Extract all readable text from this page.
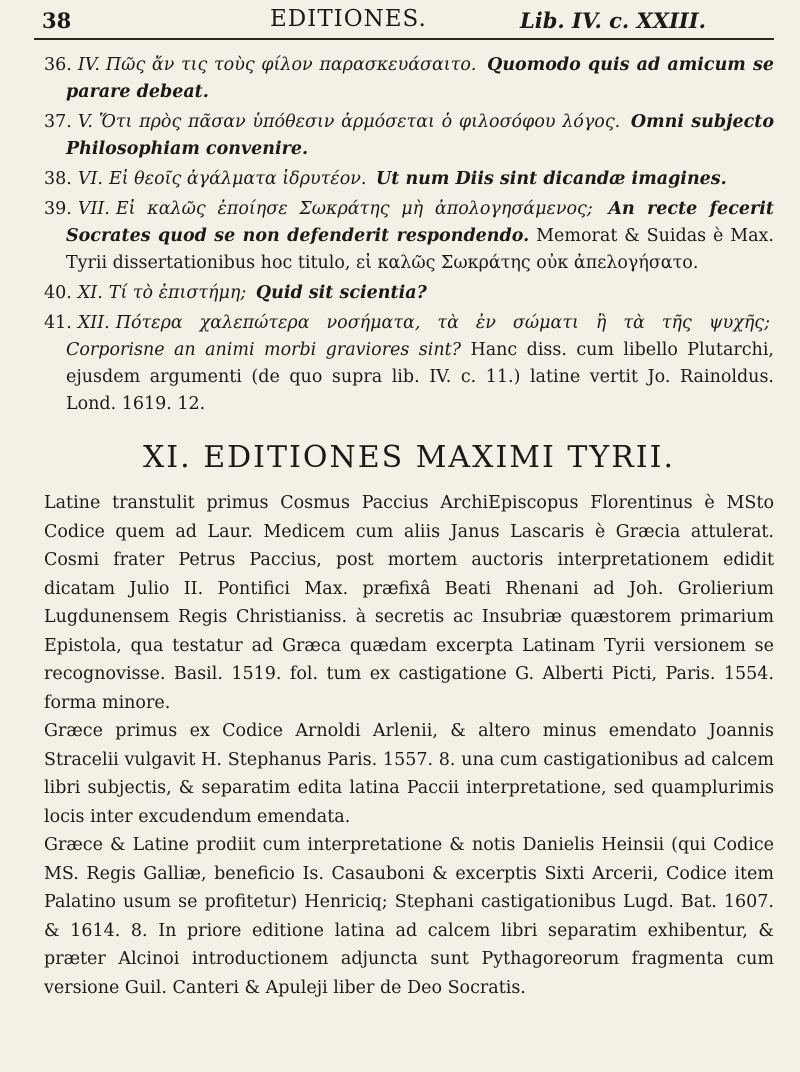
38	EDITIONES.	Lib. IV. c. XXIII.

36. IV. Πῶς ἄν τις τοὺς φίλον παρασκευάσαιτο. Quomodo quis ad amicum se parare debeat.

37. V. Ὅτι πρὸς πᾶσαν ὑπόθεσιν ἁρμόσεται ὁ φιλοσόφου λόγος. Omni subjecto Philosophiam convenire.

38. VI. Εἰ θεοῖς ἀγάλματα ἱδρυτέον. Ut num Diis sint dicandæ imagines.

39. VII. Εἰ καλῶς ἐποίησε Σωκράτης μὴ ἀπολογησάμενος; An recte fecerit Socrates quod se non defenderit respondendo. Memorat & Suidas è Max. Tyrii dissertationibus hoc titulo, εἰ καλῶς Σωκράτης οὐκ ἀπελογήσατο.

40. XI. Τί τὸ ἐπιστήμη; Quid sit scientia?

41. XII. Πότερα χαλεπώτερα νοσήματα, τὰ ἐν σώματι ἢ τὰ τῆς ψυχῆς; Corporisne an animi morbi graviores sint? Hanc diss. cum libello Plutarchi, ejusdem argumenti (de quo supra lib. IV. c. 11.) latine vertit Jo. Rainoldus. Lond. 1619. 12.

XI. EDITIONES MAXIMI TYRII.

Latine transtulit primus Cosmus Paccius ArchiEpiscopus Florentinus è MSto Codice quem ad Laur. Medicem cum aliis Janus Lascaris è Græcia attulerat. Cosmi frater Petrus Paccius, post mortem auctoris interpretationem edidit dicatam Julio II. Pontifici Max. præfixâ Beati Rhenani ad Joh. Grolierium Lugdunensem Regis Christianiss. à secretis ac Insubriæ quæstorem primarium Epistola, qua testatur ad Græca quædam excerpta Latinam Tyrii versionem se recognovisse. Basil. 1519. fol. tum ex castigatione G. Alberti Picti, Paris. 1554. forma minore.

Græce primus ex Codice Arnoldi Arlenii, & altero minus emendato Joannis Stracelii vulgavit H. Stephanus Paris. 1557. 8. una cum castigationibus ad calcem libri subjectis, & separatim edita latina Paccii interpretatione, sed quamplurimis locis inter excudendum emendata.

Græce & Latine prodiit cum interpretatione & notis Danielis Heinsii (qui Codice MS. Regis Galliæ, beneficio Is. Casauboni & excerptis Sixti Arcerii, Codice item Palatino usum se profitetur) Henriciq; Stephani castigationibus Lugd. Bat. 1607. & 1614. 8. In priore editione latina ad calcem libri separatim exhibentur, & præter Alcinoi introductionem adjuncta sunt Pythagoreorum fragmenta cum versione Guil. Canteri & Apuleji liber de Deo Socratis.
